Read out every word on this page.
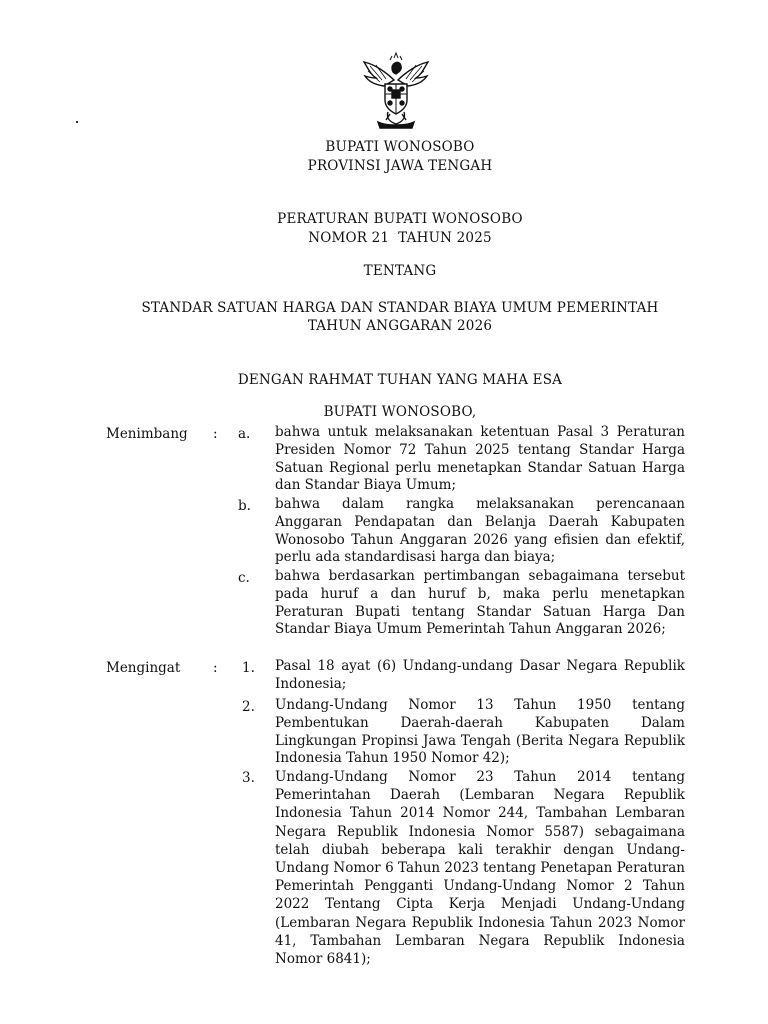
BUPATI WONOSOBO
PROVINSI JAWA TENGAH
PERATURAN BUPATI WONOSOBO
NOMOR 21  TAHUN 2025
TENTANG
STANDAR SATUAN HARGA DAN STANDAR BIAYA UMUM PEMERINTAH
TAHUN ANGGARAN 2026
DENGAN RAHMAT TUHAN YANG MAHA ESA
BUPATI WONOSOBO,
Menimbang : a. bahwa untuk melaksanakan ketentuan Pasal 3 Peraturan Presiden Nomor 72 Tahun 2025 tentang Standar Harga Satuan Regional perlu menetapkan Standar Satuan Harga dan Standar Biaya Umum;
b. bahwa dalam rangka melaksanakan perencanaan Anggaran Pendapatan dan Belanja Daerah Kabupaten Wonosobo Tahun Anggaran 2026 yang efisien dan efektif, perlu ada standardisasi harga dan biaya;
c. bahwa berdasarkan pertimbangan sebagaimana tersebut pada huruf a dan huruf b, maka perlu menetapkan Peraturan Bupati tentang Standar Satuan Harga Dan Standar Biaya Umum Pemerintah Tahun Anggaran 2026;
Mengingat : 1. Pasal 18 ayat (6) Undang-undang Dasar Negara Republik Indonesia;
2. Undang-Undang Nomor 13 Tahun 1950 tentang Pembentukan Daerah-daerah Kabupaten Dalam Lingkungan Propinsi Jawa Tengah (Berita Negara Republik Indonesia Tahun 1950 Nomor 42);
3. Undang-Undang Nomor 23 Tahun 2014 tentang Pemerintahan Daerah (Lembaran Negara Republik Indonesia Tahun 2014 Nomor 244, Tambahan Lembaran Negara Republik Indonesia Nomor 5587) sebagaimana telah diubah beberapa kali terakhir dengan Undang-Undang Nomor 6 Tahun 2023 tentang Penetapan Peraturan Pemerintah Pengganti Undang-Undang Nomor 2 Tahun 2022 Tentang Cipta Kerja Menjadi Undang-Undang (Lembaran Negara Republik Indonesia Tahun 2023 Nomor 41, Tambahan Lembaran Negara Republik Indonesia Nomor 6841);
